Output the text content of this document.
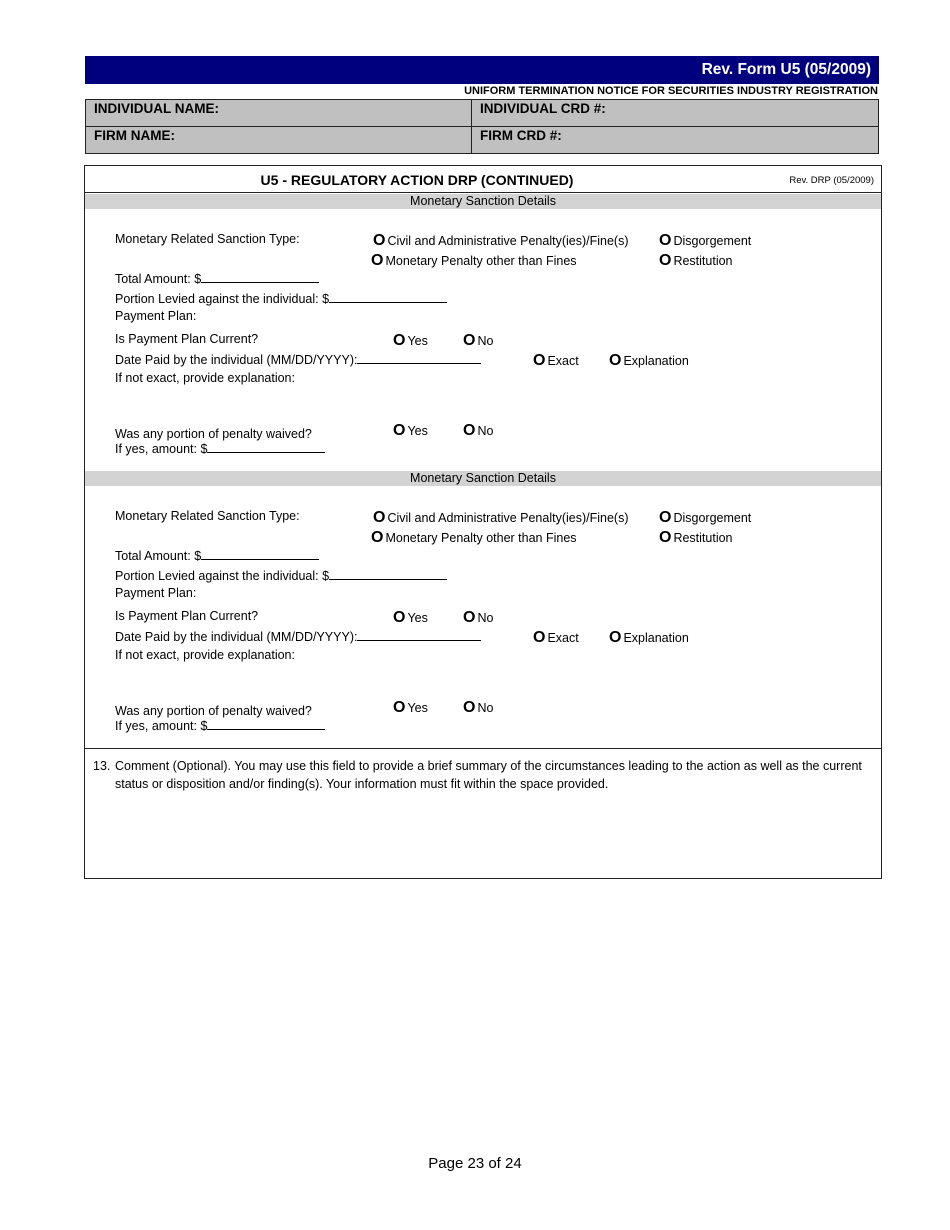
Rev. Form U5 (05/2009)
UNIFORM TERMINATION NOTICE FOR SECURITIES INDUSTRY REGISTRATION
INDIVIDUAL NAME:	INDIVIDUAL CRD #:
FIRM NAME:	FIRM CRD #:
U5 - REGULATORY ACTION DRP (CONTINUED)	Rev. DRP (05/2009)
Monetary Sanction Details
Monetary Related Sanction Type:	O Civil and Administrative Penalty(ies)/Fine(s) O Disgorgement
O Monetary Penalty other than Fines	O Restitution
Total Amount: $
Portion Levied against the individual: $
Payment Plan:
Is Payment Plan Current?	O Yes O No
Date Paid by the individual (MM/DD/YYYY):	O Exact O Explanation
If not exact, provide explanation:
Was any portion of penalty waived?	O Yes O No
If yes, amount: $
Monetary Sanction Details
Monetary Related Sanction Type:	O Civil and Administrative Penalty(ies)/Fine(s) O Disgorgement
O Monetary Penalty other than Fines	O Restitution
Total Amount: $
Portion Levied against the individual: $
Payment Plan:
Is Payment Plan Current?	O Yes O No
Date Paid by the individual (MM/DD/YYYY):	O Exact O Explanation
If not exact, provide explanation:
Was any portion of penalty waived?	O Yes O No
If yes, amount: $
13. Comment (Optional). You may use this field to provide a brief summary of the circumstances leading to the action as well as the current status or disposition and/or finding(s). Your information must fit within the space provided.
Page 23 of 24
